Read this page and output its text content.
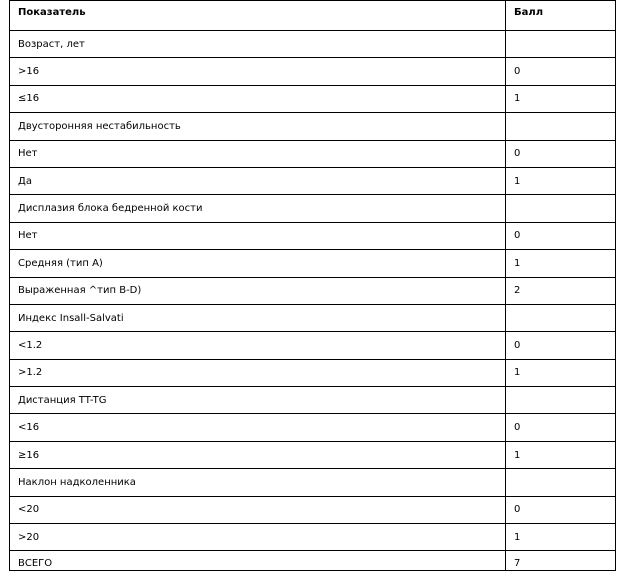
Показатель	Балл
Возраст, лет	
>16	0
≤16	1
Двусторонняя нестабильность	
Нет	0
Да	1
Дисплазия блока бедренной кости	
Нет	0
Средняя (тип А)	1
Выраженная ^тип B-D)	2
Индекс Insall-Salvati	
<1.2	0
>1.2	1
Дистанция TT-TG	
<16	0
≥16	1
Наклон надколенника	
<20	0
>20	1
ВСЕГО	7
